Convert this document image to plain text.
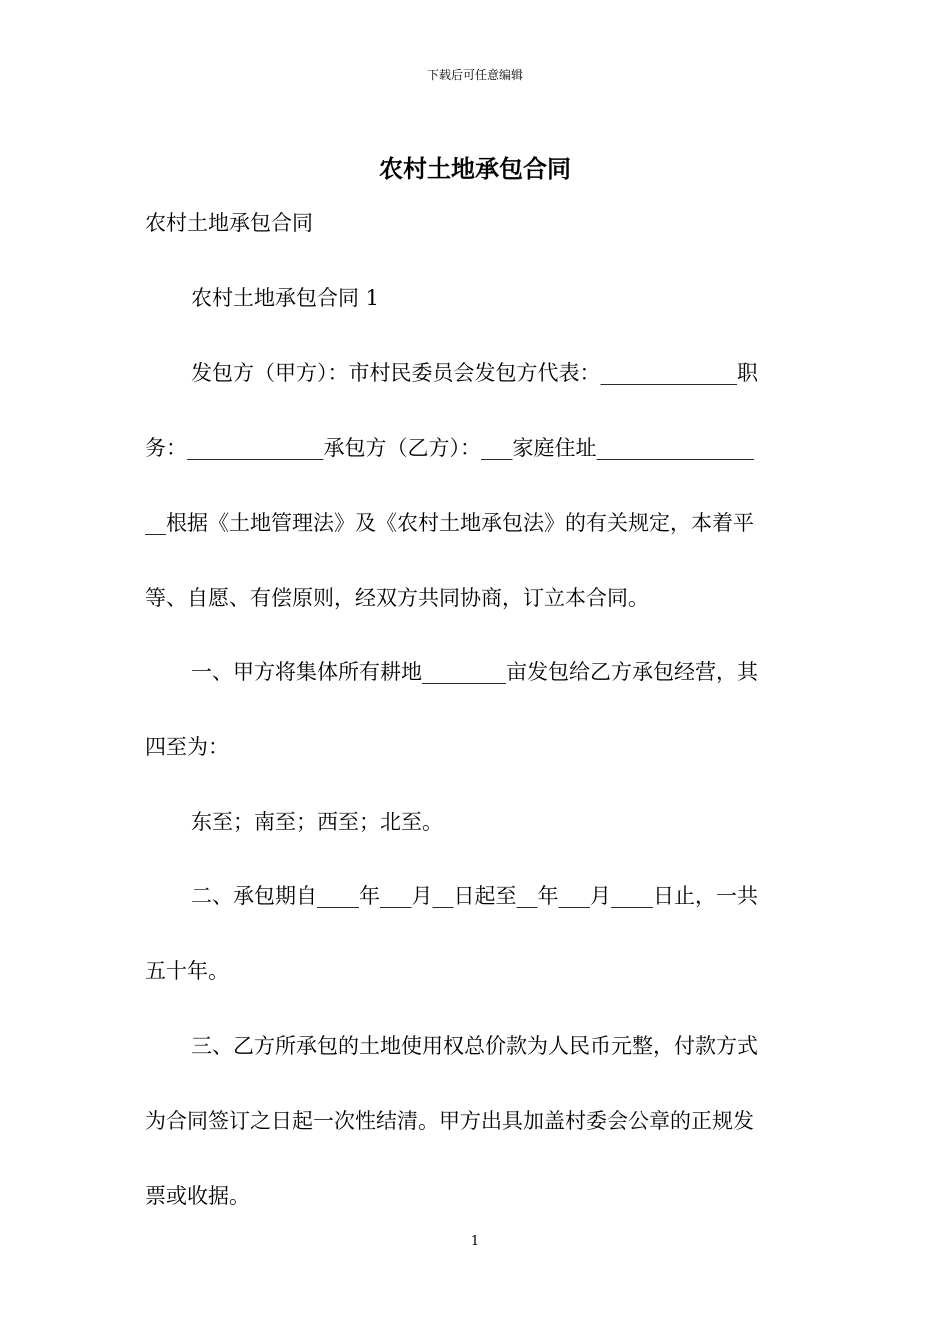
下载后可任意编辑
农村土地承包合同
农村土地承包合同
农村土地承包合同 1
发包方（甲方）：市村民委员会发包方代表：_____________职
务：_____________承包方（乙方）：___家庭住址_______________
__根据《土地管理法》及《农村土地承包法》的有关规定，本着平
等、自愿、有偿原则，经双方共同协商，订立本合同。
一、甲方将集体所有耕地________亩发包给乙方承包经营，其
四至为：
东至；南至；西至；北至。
二、承包期自____年___月__日起至__年___月____日止，一共
五十年。
三、乙方所承包的土地使用权总价款为人民币元整，付款方式
为合同签订之日起一次性结清。甲方出具加盖村委会公章的正规发
票或收据。
1
